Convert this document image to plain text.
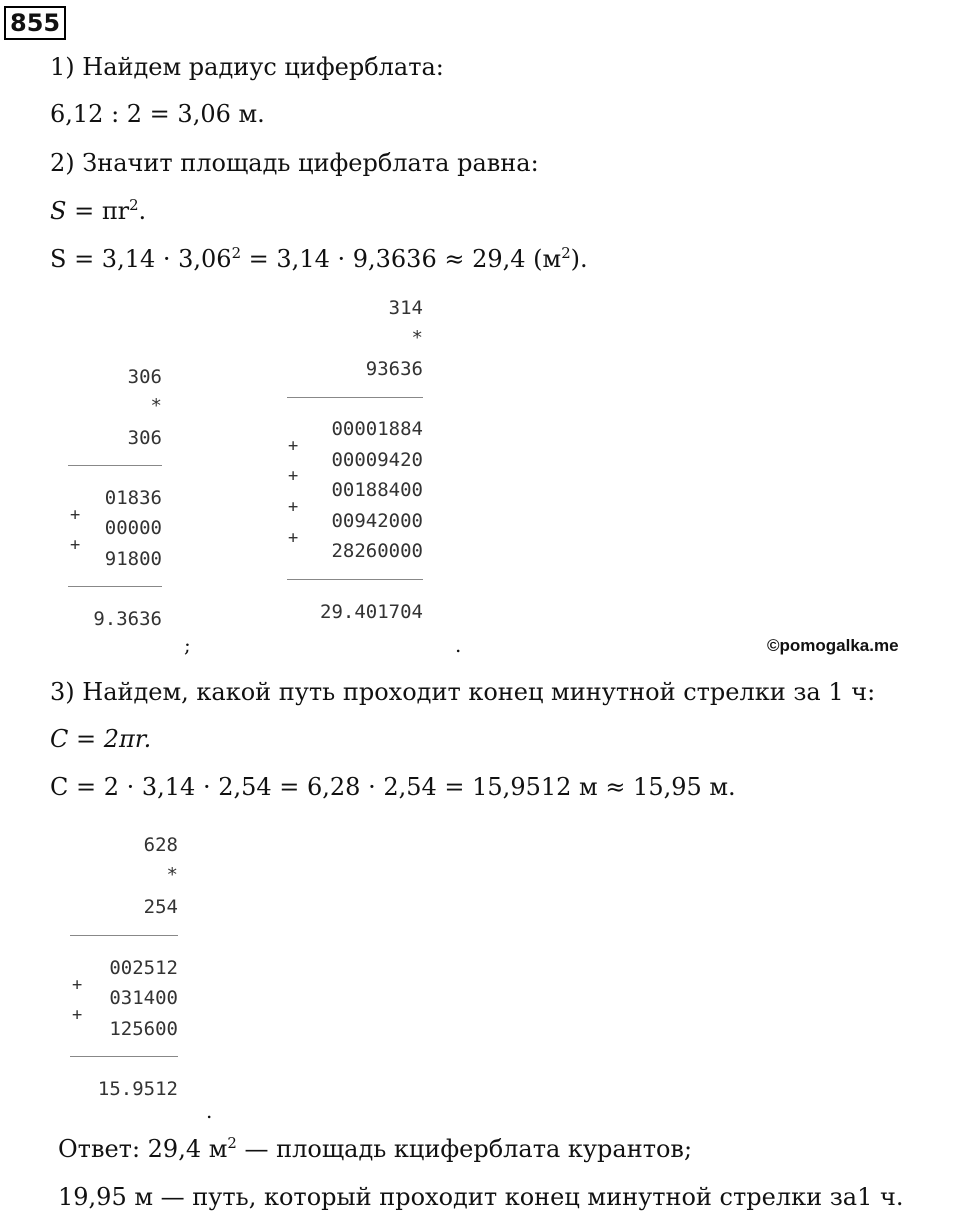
855
1) Найдем радиус циферблата:
6,12 : 2 = 3,06 м.
2) Значит площадь циферблата равна:
$S = \pi r^2$.
$S = 3,14 \cdot 3,06^2 = 3,14 \cdot 9,3636 \approx 29,4$ $(м^2)$.
306
*
306
01836
+
00000
+
91800
9.3636
;
314
*
93636
00001884
+
00009420
+
00188400
+
00942000
+
28260000
29.401704
.	©pomogalka.me
3) Найдем, какой путь проходит конец минутной стрелки за 1 ч:
C = 2πr.
C = 2 · 3,14 · 2,54 = 6,28 · 2,54 = 15,9512 м ≈ 15,95 м.
628
*
254
002512
+
031400
+
125600
15.9512
.
Ответ: 29,4 $м^2$ — площадь кциферблата курантов;
19,95 м — путь, который проходит конец минутной стрелки за1 ч.
